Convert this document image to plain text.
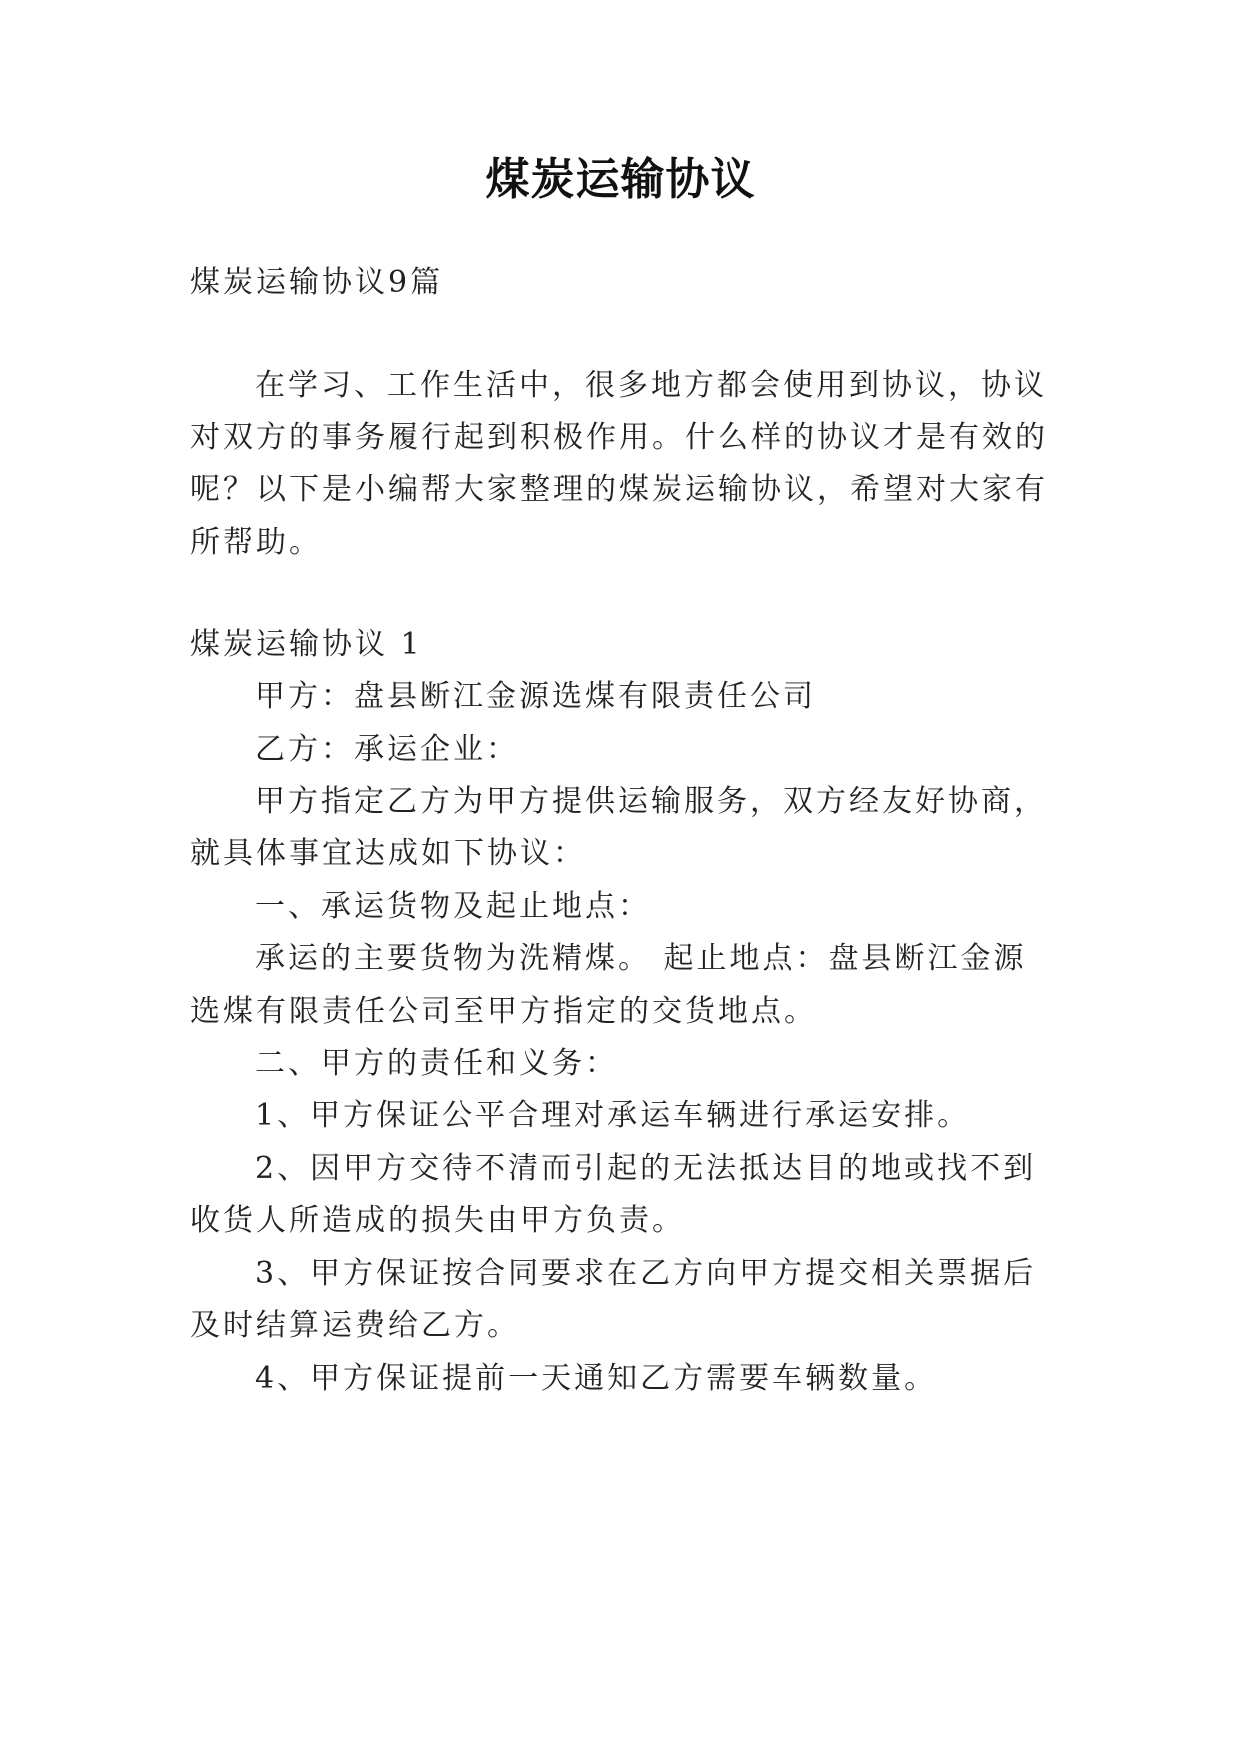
煤炭运输协议
煤炭运输协议9篇
在学习、工作生活中，很多地方都会使用到协议，协议
对双方的事务履行起到积极作用。什么样的协议才是有效的
呢？以下是小编帮大家整理的煤炭运输协议，希望对大家有
所帮助。
煤炭运输协议 1
甲方：盘县断江金源选煤有限责任公司
乙方：承运企业：
甲方指定乙方为甲方提供运输服务，双方经友好协商，
就具体事宜达成如下协议：
一、承运货物及起止地点：
承运的主要货物为洗精煤。 起止地点：盘县断江金源
选煤有限责任公司至甲方指定的交货地点。
二、甲方的责任和义务：
1、甲方保证公平合理对承运车辆进行承运安排。
2、因甲方交待不清而引起的无法抵达目的地或找不到
收货人所造成的损失由甲方负责。
3、甲方保证按合同要求在乙方向甲方提交相关票据后
及时结算运费给乙方。
4、甲方保证提前一天通知乙方需要车辆数量。
